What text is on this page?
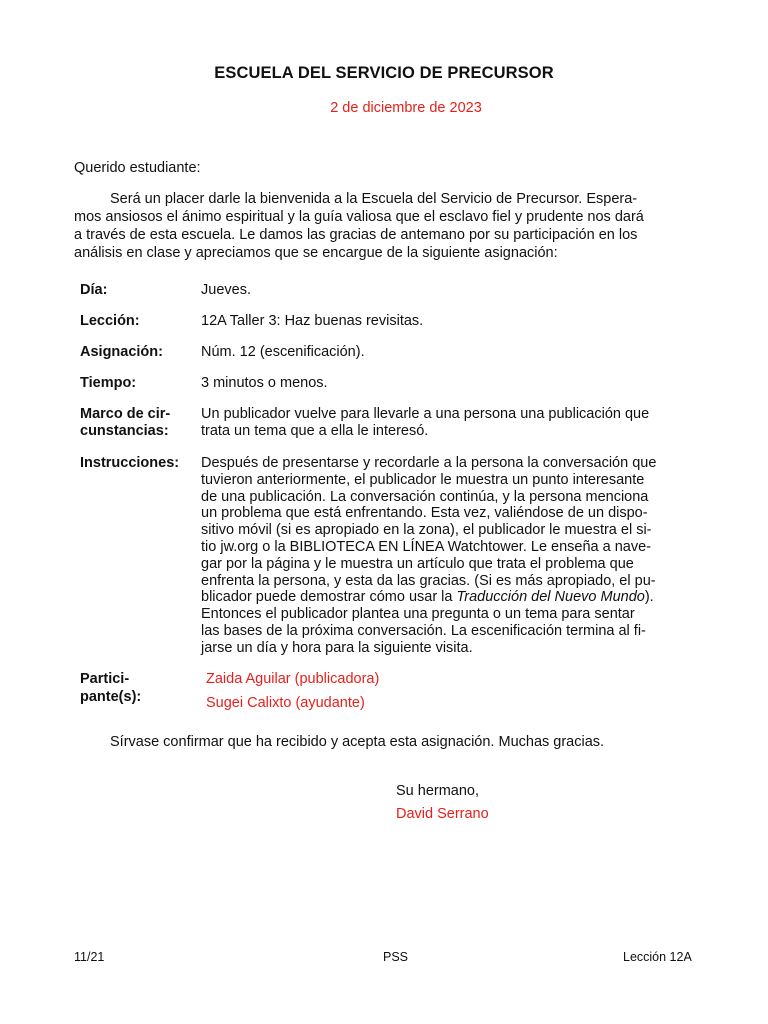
ESCUELA DEL SERVICIO DE PRECURSOR
2 de diciembre de 2023
Querido estudiante:
Será un placer darle la bienvenida a la Escuela del Servicio de Precursor. Espera-
mos ansiosos el ánimo espiritual y la guía valiosa que el esclavo fiel y prudente nos dará
a través de esta escuela. Le damos las gracias de antemano por su participación en los
análisis en clase y apreciamos que se encargue de la siguiente asignación:
Día:	Jueves.
Lección:	12A Taller 3: Haz buenas revisitas.
Asignación:	Núm. 12 (escenificación).
Tiempo:	3 minutos o menos.
Marco de cir-
cunstancias:
Un publicador vuelve para llevarle a una persona una publicación que
trata un tema que a ella le interesó.
Instrucciones:	Después de presentarse y recordarle a la persona la conversación que
tuvieron anteriormente, el publicador le muestra un punto interesante
de una publicación. La conversación continúa, y la persona menciona
un problema que está enfrentando. Esta vez, valiéndose de un dispo-
sitivo móvil (si es apropiado en la zona), el publicador le muestra el si-
tio jw.org o la BIBLIOTECA EN LÍNEA Watchtower. Le enseña a nave-
gar por la página y le muestra un artículo que trata el problema que
enfrenta la persona, y esta da las gracias. (Si es más apropiado, el pu-
blicador puede demostrar cómo usar la Traducción del Nuevo Mundo).
Entonces el publicador plantea una pregunta o un tema para sentar
las bases de la próxima conversación. La escenificación termina al fi-
jarse un día y hora para la siguiente visita.
Partici-
pante(s):
Zaida Aguilar (publicadora)
Sugei Calixto (ayudante)
Sírvase confirmar que ha recibido y acepta esta asignación. Muchas gracias.
Su hermano,
David Serrano
11/21	PSS	Lección 12A
